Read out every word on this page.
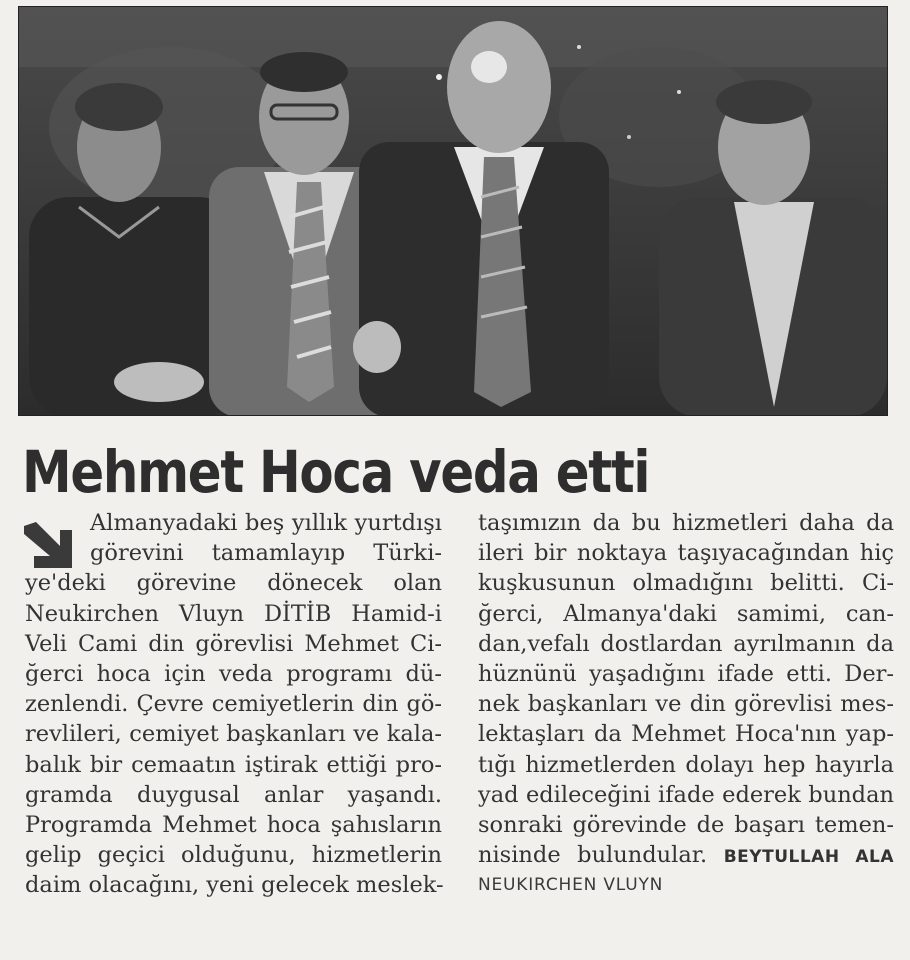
Mehmet Hoca veda etti
Almanyadaki beş yıllık yurtdışı
görevini tamamlayıp Türki-
ye'deki görevine dönecek olan
Neukirchen Vluyn DİTİB Hamid-i
Veli Cami din görevlisi Mehmet Ci-
ğerci hoca için veda programı dü-
zenlendi. Çevre cemiyetlerin din gö-
revlileri, cemiyet başkanları ve kala-
balık bir cemaatın iştirak ettiği pro-
gramda duygusal anlar yaşandı.
Programda Mehmet hoca şahısların
gelip geçici olduğunu, hizmetlerin
daim olacağını, yeni gelecek meslek-
taşımızın da bu hizmetleri daha da
ileri bir noktaya taşıyacağından hiç
kuşkusunun olmadığını belitti. Ci-
ğerci, Almanya'daki samimi, can-
dan,vefalı dostlardan ayrılmanın da
hüznünü yaşadığını ifade etti. Der-
nek başkanları ve din görevlisi mes-
lektaşları da Mehmet Hoca'nın yap-
tığı hizmetlerden dolayı hep hayırla
yad edileceğini ifade ederek bundan
sonraki görevinde de başarı temen-
nisinde bulundular. BEYTULLAH ALA
NEUKIRCHEN VLUYN
